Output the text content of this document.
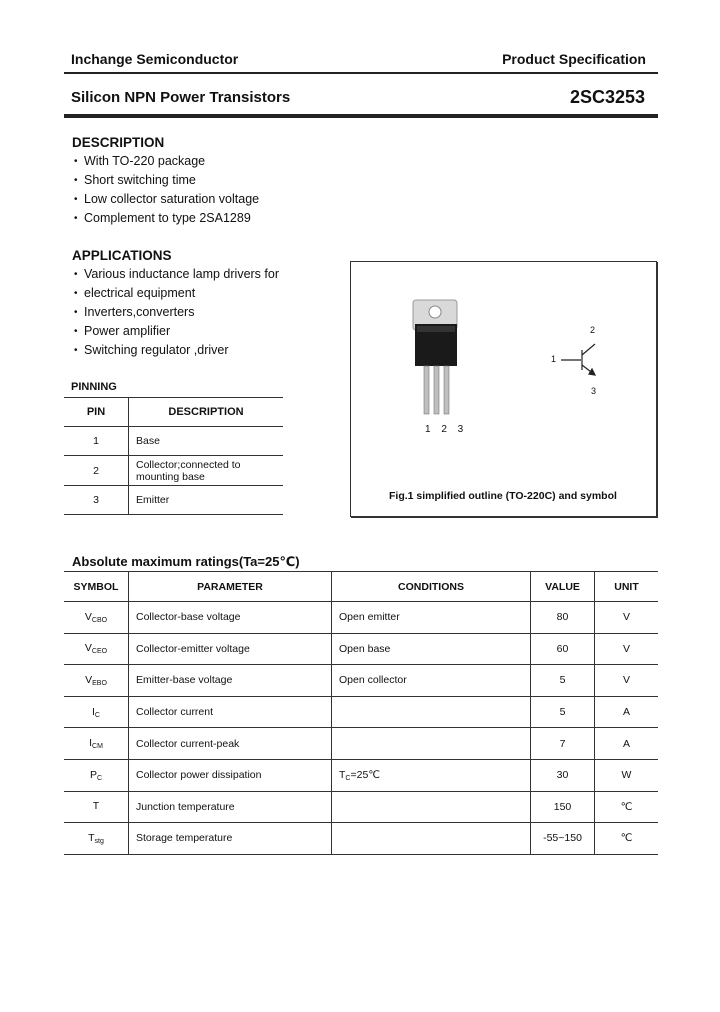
Inchange Semiconductor	Product Specification
Silicon NPN Power Transistors	2SC3253
DESCRIPTION
• With TO-220 package
• Short switching time
• Low collector saturation voltage
• Complement to type 2SA1289
APPLICATIONS
• Various inductance lamp drivers for
• electrical equipment
• Inverters,converters
• Power amplifier
• Switching regulator ,driver
PINNING
PIN	DESCRIPTION
1	Base
2	Collector;connected to mounting base
3	Emitter
1 2 3
1
2
3
Fig.1 simplified outline (TO-220C) and symbol
Absolute maximum ratings(Ta=25℃)
SYMBOL	PARAMETER	CONDITIONS	VALUE	UNIT
$V_{CBO}$	Collector-base voltage	Open emitter	80	V
$V_{CEO}$	Collector-emitter voltage	Open base	60	V
$V_{EBO}$	Emitter-base voltage	Open collector	5	V
$I_C$	Collector current		5	A
$I_{CM}$	Collector current-peak		7	A
$P_C$	Collector power dissipation	$T_C=25℃$	30	W
T	Junction temperature		150	℃
$T_{stg}$	Storage temperature		-55~150	℃
